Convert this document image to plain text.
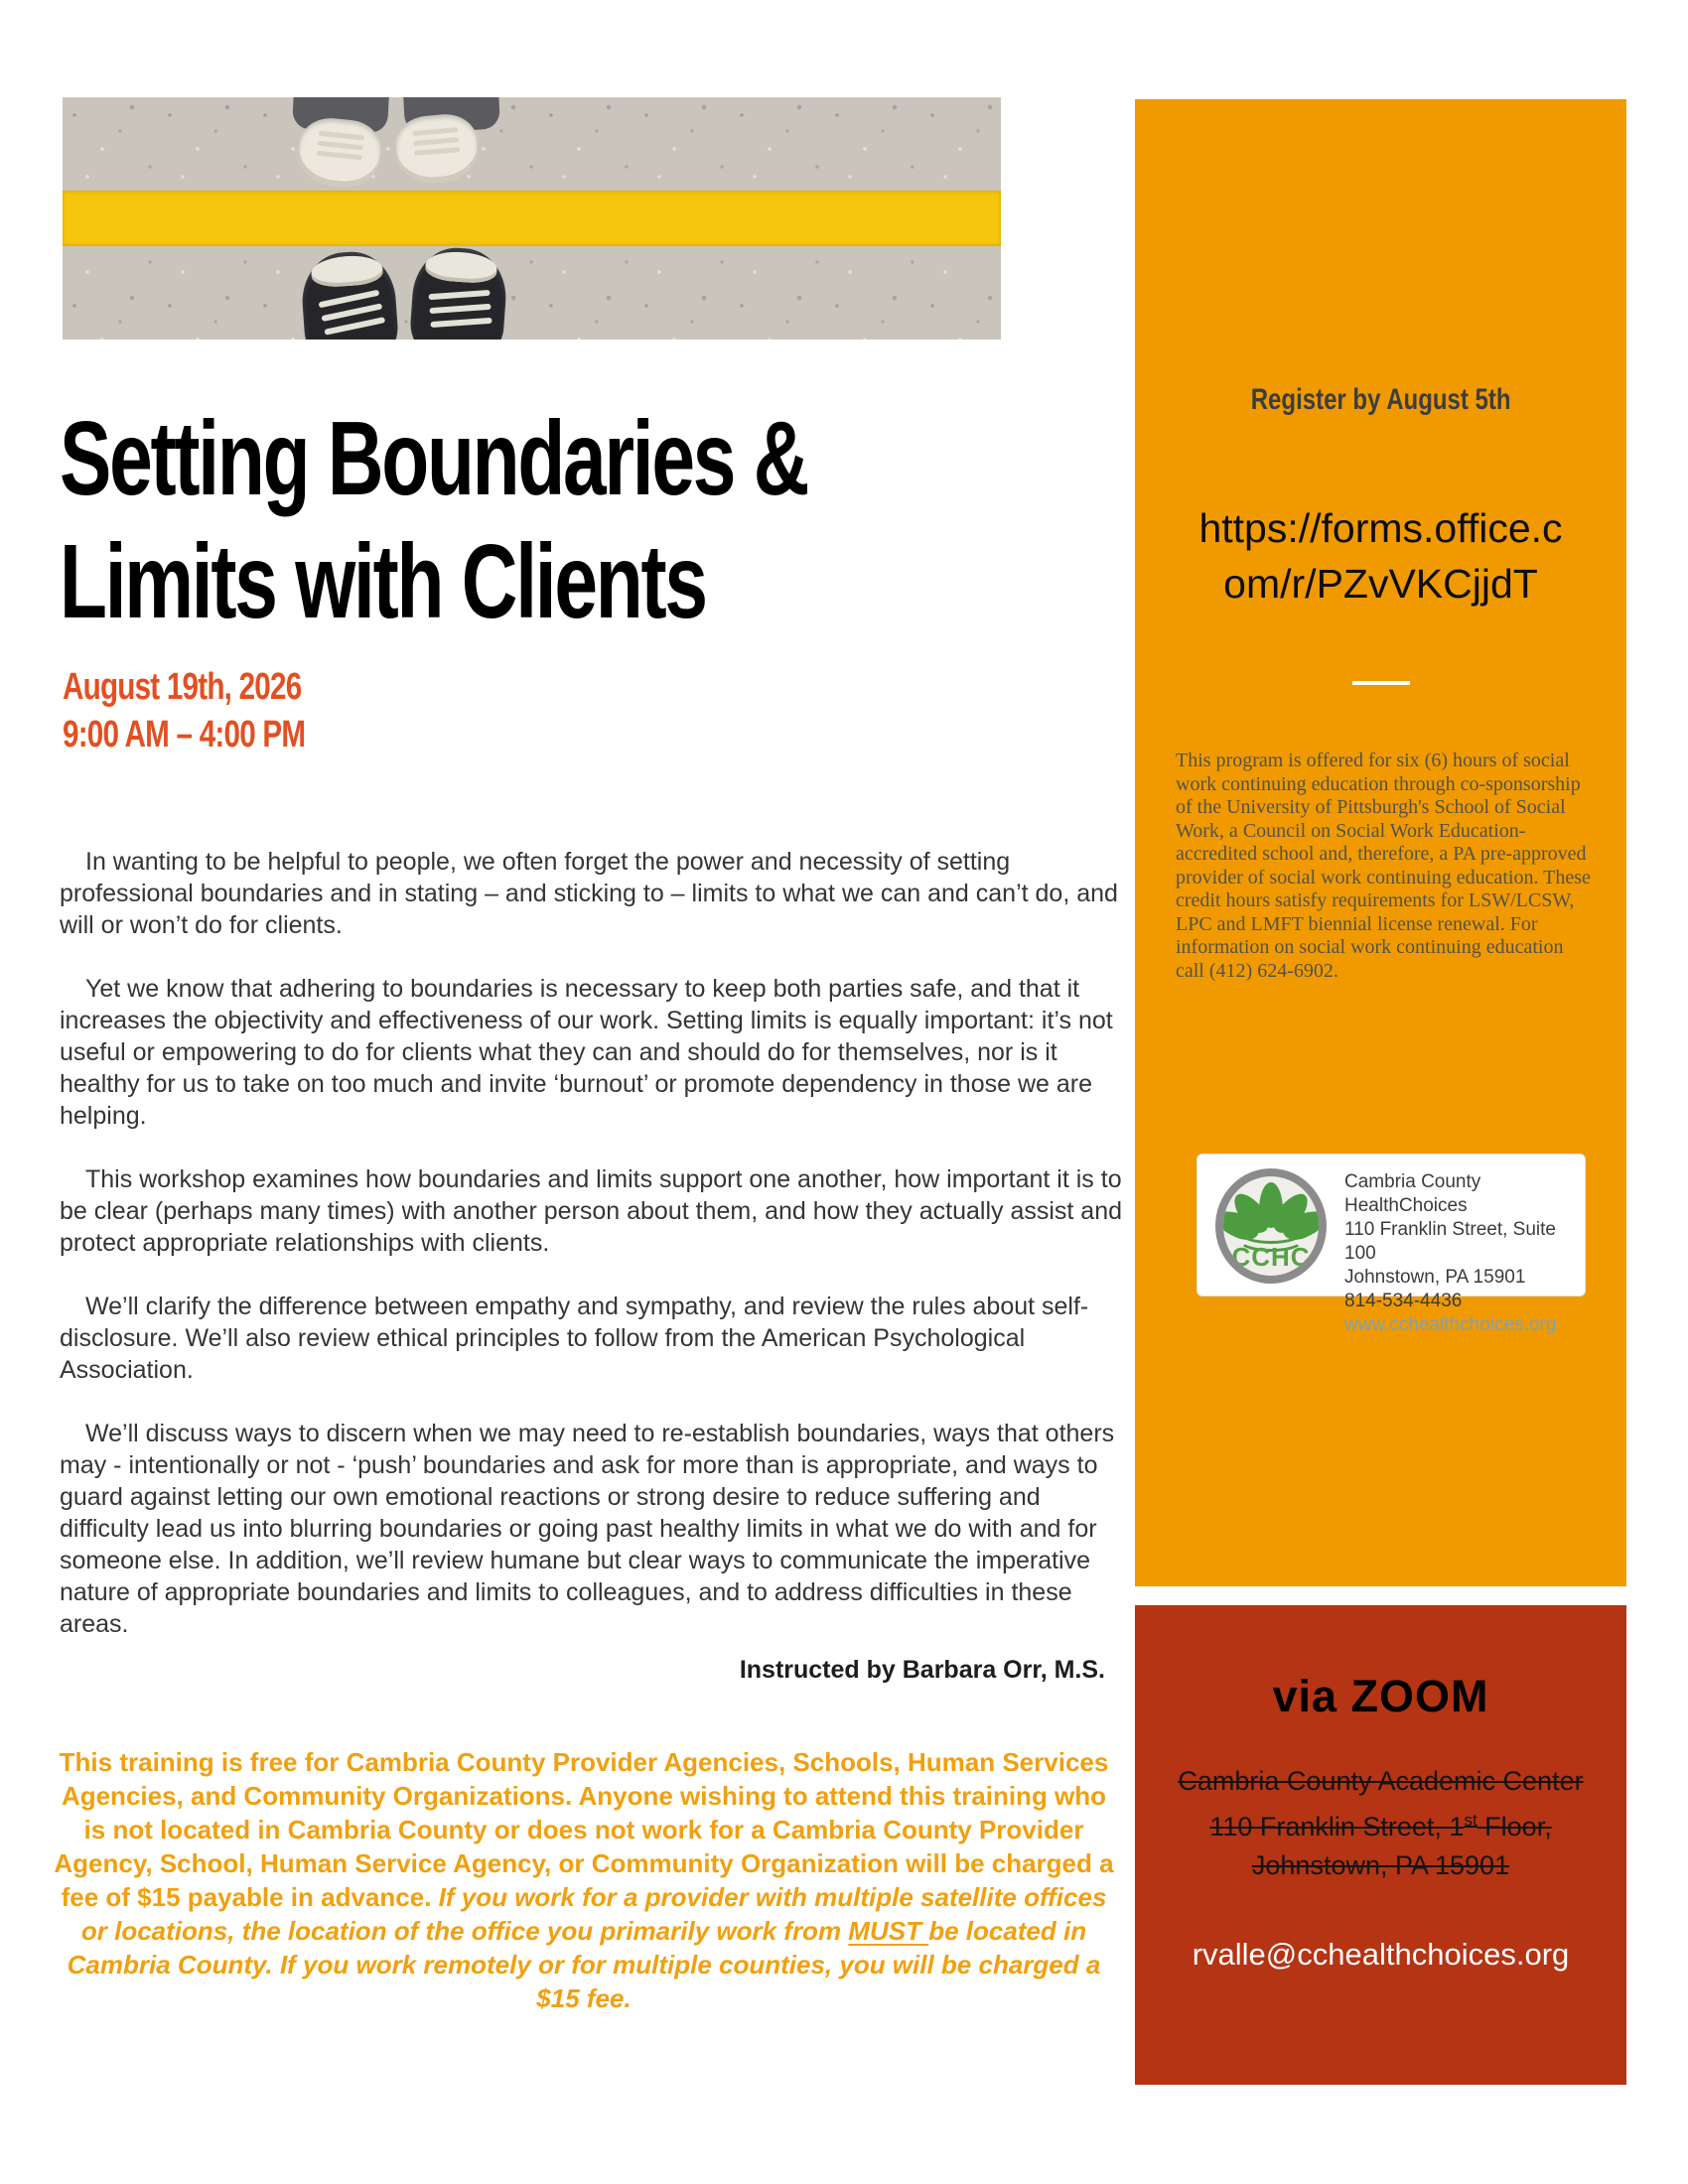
Setting Boundaries &
Limits with Clients
August 19th, 2026
9:00 AM – 4:00 PM

In wanting to be helpful to people, we often forget the power and necessity of setting professional boundaries and in stating – and sticking to – limits to what we can and can’t do, and will or won’t do for clients.

Yet we know that adhering to boundaries is necessary to keep both parties safe, and that it increases the objectivity and effectiveness of our work. Setting limits is equally important: it’s not useful or empowering to do for clients what they can and should do for themselves, nor is it healthy for us to take on too much and invite ‘burnout’ or promote dependency in those we are helping.

This workshop examines how boundaries and limits support one another, how important it is to be clear (perhaps many times) with another person about them, and how they actually assist and protect appropriate relationships with clients.

We’ll clarify the difference between empathy and sympathy, and review the rules about self-disclosure. We’ll also review ethical principles to follow from the American Psychological Association.

We’ll discuss ways to discern when we may need to re-establish boundaries, ways that others may - intentionally or not - ‘push’ boundaries and ask for more than is appropriate, and ways to guard against letting our own emotional reactions or strong desire to reduce suffering and difficulty lead us into blurring boundaries or going past healthy limits in what we do with and for someone else. In addition, we’ll review humane but clear ways to communicate the imperative nature of appropriate boundaries and limits to colleagues, and to address difficulties in these areas.

Instructed by Barbara Orr, M.S.
This training is free for Cambria County Provider Agencies, Schools, Human Services Agencies, and Community Organizations. Anyone wishing to attend this training who is not located in Cambria County or does not work for a Cambria County Provider Agency, School, Human Service Agency, or Community Organization will be charged a fee of $15 payable in advance. If you work for a provider with multiple satellite offices or locations, the location of the office you primarily work from MUST be located in Cambria County. If you work remotely or for multiple counties, you will be charged a $15 fee.
Register by August 5th
https://forms.office.c
om/r/PZvVKCjjdT
This program is offered for six (6) hours of social work continuing education through co-sponsorship of the University of Pittsburgh's School of Social Work, a Council on Social Work Education-accredited school and, therefore, a PA pre-approved provider of social work continuing education. These credit hours satisfy requirements for LSW/LCSW, LPC and LMFT biennial license renewal. For information on social work continuing education call (412) 624-6902.
CCHC
Cambria County HealthChoices
110 Franklin Street, Suite 100
Johnstown, PA 15901
814-534-4436
www.cchealthchoices.org
via ZOOM
Cambria County Academic Center
110 Franklin Street, 1st Floor,
Johnstown, PA 15901
rvalle@cchealthchoices.org
